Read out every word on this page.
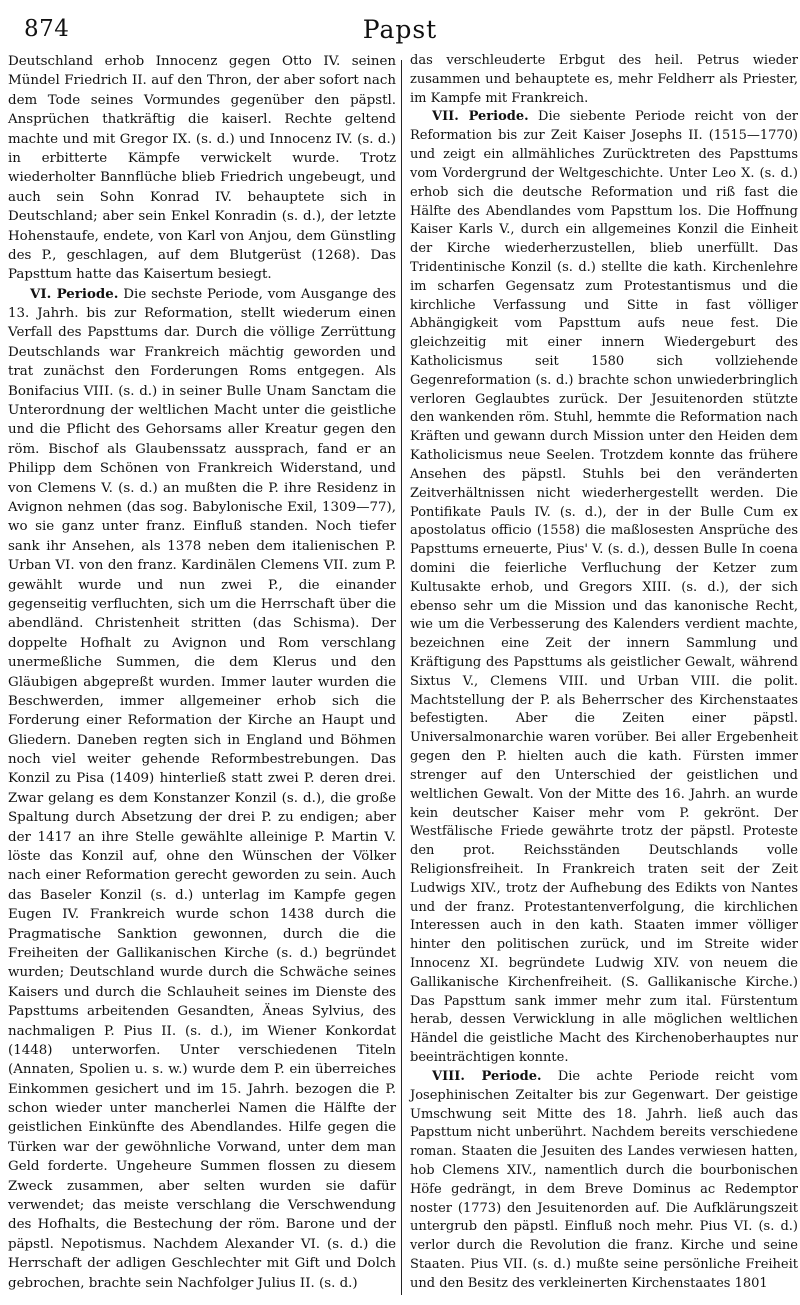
874	Papst

Deutschland erhob Innocenz gegen Otto IV. seinen Mündel Friedrich II. auf den Thron, der aber sofort nach dem Tode seines Vormundes gegenüber den päpstl. Ansprüchen thatkräftig die kaiserl. Rechte geltend machte und mit Gregor IX. (s. d.) und Innocenz IV. (s. d.) in erbitterte Kämpfe verwickelt wurde. Trotz wiederholter Bannflüche blieb Friedrich ungebeugt, und auch sein Sohn Konrad IV. behauptete sich in Deutschland; aber sein Enkel Konradin (s. d.), der letzte Hohenstaufe, endete, von Karl von Anjou, dem Günstling des P., geschlagen, auf dem Blutgerüst (1268). Das Papsttum hatte das Kaisertum besiegt.

VI. Periode. Die sechste Periode, vom Ausgange des 13. Jahrh. bis zur Reformation, stellt wiederum einen Verfall des Papsttums dar. Durch die völlige Zerrüttung Deutschlands war Frankreich mächtig geworden und trat zunächst den Forderungen Roms entgegen. Als Bonifacius VIII. (s. d.) in seiner Bulle Unam Sanctam die Unterordnung der weltlichen Macht unter die geistliche und die Pflicht des Gehorsams aller Kreatur gegen den röm. Bischof als Glaubenssatz aussprach, fand er an Philipp dem Schönen von Frankreich Widerstand, und von Clemens V. (s. d.) an mußten die P. ihre Residenz in Avignon nehmen (das sog. Babylonische Exil, 1309—77), wo sie ganz unter franz. Einfluß standen. Noch tiefer sank ihr Ansehen, als 1378 neben dem italienischen P. Urban VI. von den franz. Kardinälen Clemens VII. zum P. gewählt wurde und nun zwei P., die einander gegenseitig verfluchten, sich um die Herrschaft über die abendländ. Christenheit stritten (das Schisma). Der doppelte Hofhalt zu Avignon und Rom verschlang unermeßliche Summen, die dem Klerus und den Gläubigen abgepreßt wurden. Immer lauter wurden die Beschwerden, immer allgemeiner erhob sich die Forderung einer Reformation der Kirche an Haupt und Gliedern. Daneben regten sich in England und Böhmen noch viel weiter gehende Reformbestrebungen. Das Konzil zu Pisa (1409) hinterließ statt zwei P. deren drei. Zwar gelang es dem Konstanzer Konzil (s. d.), die große Spaltung durch Absetzung der drei P. zu endigen; aber der 1417 an ihre Stelle gewählte alleinige P. Martin V. löste das Konzil auf, ohne den Wünschen der Völker nach einer Reformation gerecht geworden zu sein. Auch das Baseler Konzil (s. d.) unterlag im Kampfe gegen Eugen IV. Frankreich wurde schon 1438 durch die Pragmatische Sanktion gewonnen, durch die die Freiheiten der Gallikanischen Kirche (s. d.) begründet wurden; Deutschland wurde durch die Schwäche seines Kaisers und durch die Schlauheit seines im Dienste des Papsttums arbeitenden Gesandten, Äneas Sylvius, des nachmaligen P. Pius II. (s. d.), im Wiener Konkordat (1448) unterworfen. Unter verschiedenen Titeln (Annaten, Spolien u. s. w.) wurde dem P. ein überreiches Einkommen gesichert und im 15. Jahrh. bezogen die P. schon wieder unter mancherlei Namen die Hälfte der geistlichen Einkünfte des Abendlandes. Hilfe gegen die Türken war der gewöhnliche Vorwand, unter dem man Geld forderte. Ungeheure Summen flossen zu diesem Zweck zusammen, aber selten wurden sie dafür verwendet; das meiste verschlang die Verschwendung des Hofhalts, die Bestechung der röm. Barone und der päpstl. Nepotismus. Nachdem Alexander VI. (s. d.) die Herrschaft der adligen Geschlechter mit Gift und Dolch gebrochen, brachte sein Nachfolger Julius II. (s. d.)

das verschleuderte Erbgut des heil. Petrus wieder zusammen und behauptete es, mehr Feldherr als Priester, im Kampfe mit Frankreich.

VII. Periode. Die siebente Periode reicht von der Reformation bis zur Zeit Kaiser Josephs II. (1515—1770) und zeigt ein allmähliches Zurücktreten des Papsttums vom Vordergrund der Weltgeschichte. Unter Leo X. (s. d.) erhob sich die deutsche Reformation und riß fast die Hälfte des Abendlandes vom Papsttum los. Die Hoffnung Kaiser Karls V., durch ein allgemeines Konzil die Einheit der Kirche wiederherzustellen, blieb unerfüllt. Das Tridentinische Konzil (s. d.) stellte die kath. Kirchenlehre im scharfen Gegensatz zum Protestantismus und die kirchliche Verfassung und Sitte in fast völliger Abhängigkeit vom Papsttum aufs neue fest. Die gleichzeitig mit einer innern Wiedergeburt des Katholicismus seit 1580 sich vollziehende Gegenreformation (s. d.) brachte schon unwiederbringlich verloren Geglaubtes zurück. Der Jesuitenorden stützte den wankenden röm. Stuhl, hemmte die Reformation nach Kräften und gewann durch Mission unter den Heiden dem Katholicismus neue Seelen. Trotzdem konnte das frühere Ansehen des päpstl. Stuhls bei den veränderten Zeitverhältnissen nicht wiederhergestellt werden. Die Pontifikate Pauls IV. (s. d.), der in der Bulle Cum ex apostolatus officio (1558) die maßlosesten Ansprüche des Papsttums erneuerte, Pius' V. (s. d.), dessen Bulle In coena domini die feierliche Verfluchung der Ketzer zum Kultusakte erhob, und Gregors XIII. (s. d.), der sich ebenso sehr um die Mission und das kanonische Recht, wie um die Verbesserung des Kalenders verdient machte, bezeichnen eine Zeit der innern Sammlung und Kräftigung des Papsttums als geistlicher Gewalt, während Sixtus V., Clemens VIII. und Urban VIII. die polit. Machtstellung der P. als Beherrscher des Kirchenstaates befestigten. Aber die Zeiten einer päpstl. Universalmonarchie waren vorüber. Bei aller Ergebenheit gegen den P. hielten auch die kath. Fürsten immer strenger auf den Unterschied der geistlichen und weltlichen Gewalt. Von der Mitte des 16. Jahrh. an wurde kein deutscher Kaiser mehr vom P. gekrönt. Der Westfälische Friede gewährte trotz der päpstl. Proteste den prot. Reichsständen Deutschlands volle Religionsfreiheit. In Frankreich traten seit der Zeit Ludwigs XIV., trotz der Aufhebung des Edikts von Nantes und der franz. Protestantenverfolgung, die kirchlichen Interessen auch in den kath. Staaten immer völliger hinter den politischen zurück, und im Streite wider Innocenz XI. begründete Ludwig XIV. von neuem die Gallikanische Kirchenfreiheit. (S. Gallikanische Kirche.) Das Papsttum sank immer mehr zum ital. Fürstentum herab, dessen Verwicklung in alle möglichen weltlichen Händel die geistliche Macht des Kirchenoberhauptes nur beeinträchtigen konnte.

VIII. Periode. Die achte Periode reicht vom Josephinischen Zeitalter bis zur Gegenwart. Der geistige Umschwung seit Mitte des 18. Jahrh. ließ auch das Papsttum nicht unberührt. Nachdem bereits verschiedene roman. Staaten die Jesuiten des Landes verwiesen hatten, hob Clemens XIV., namentlich durch die bourbonischen Höfe gedrängt, in dem Breve Dominus ac Redemptor noster (1773) den Jesuitenorden auf. Die Aufklärungszeit untergrub den päpstl. Einfluß noch mehr. Pius VI. (s. d.) verlor durch die Revolution die franz. Kirche und seine Staaten. Pius VII. (s. d.) mußte seine persönliche Freiheit und den Besitz des verkleinerten Kirchenstaates 1801
